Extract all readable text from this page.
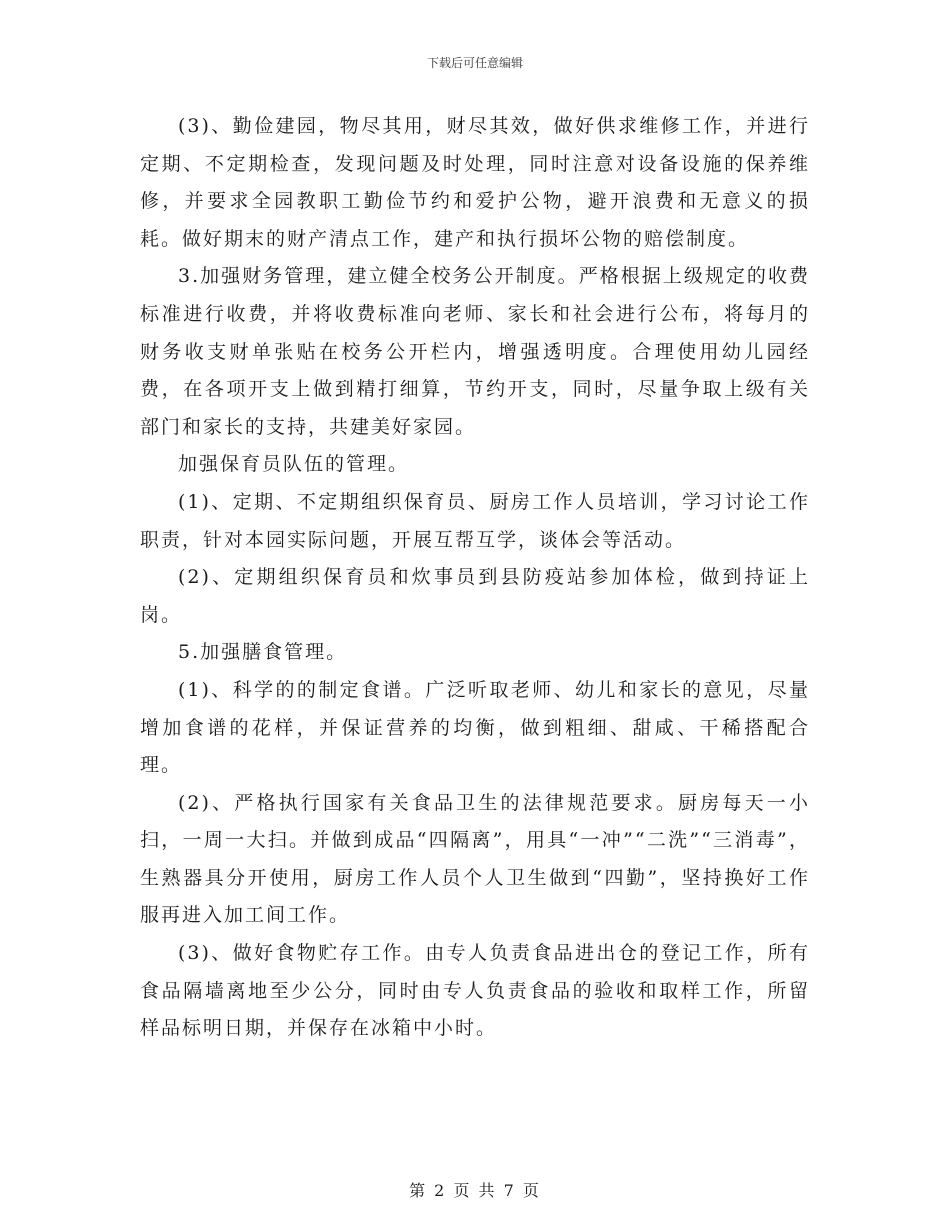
下载后可任意编辑

(3)、勤俭建园，物尽其用，财尽其效，做好供求维修工作，并进行定期、不定期检查，发现问题及时处理，同时注意对设备设施的保养维修，并要求全园教职工勤俭节约和爱护公物，避开浪费和无意义的损耗。做好期末的财产清点工作，建产和执行损坏公物的赔偿制度。

3.加强财务管理，建立健全校务公开制度。严格根据上级规定的收费标准进行收费，并将收费标准向老师、家长和社会进行公布，将每月的财务收支财单张贴在校务公开栏内，增强透明度。合理使用幼儿园经费，在各项开支上做到精打细算，节约开支，同时，尽量争取上级有关部门和家长的支持，共建美好家园。

加强保育员队伍的管理。

(1)、定期、不定期组织保育员、厨房工作人员培训，学习讨论工作职责，针对本园实际问题，开展互帮互学，谈体会等活动。

(2)、定期组织保育员和炊事员到县防疫站参加体检，做到持证上岗。

5.加强膳食管理。

(1)、科学的的制定食谱。广泛听取老师、幼儿和家长的意见，尽量增加食谱的花样，并保证营养的均衡，做到粗细、甜咸、干稀搭配合理。

(2)、严格执行国家有关食品卫生的法律规范要求。厨房每天一小扫，一周一大扫。并做到成品“四隔离”，用具“一冲”“二洗”“三消毒”，生熟器具分开使用，厨房工作人员个人卫生做到“四勤”，坚持换好工作服再进入加工间工作。

(3)、做好食物贮存工作。由专人负责食品进出仓的登记工作，所有食品隔墙离地至少公分，同时由专人负责食品的验收和取样工作，所留样品标明日期，并保存在冰箱中小时。

第 2 页 共 7 页
